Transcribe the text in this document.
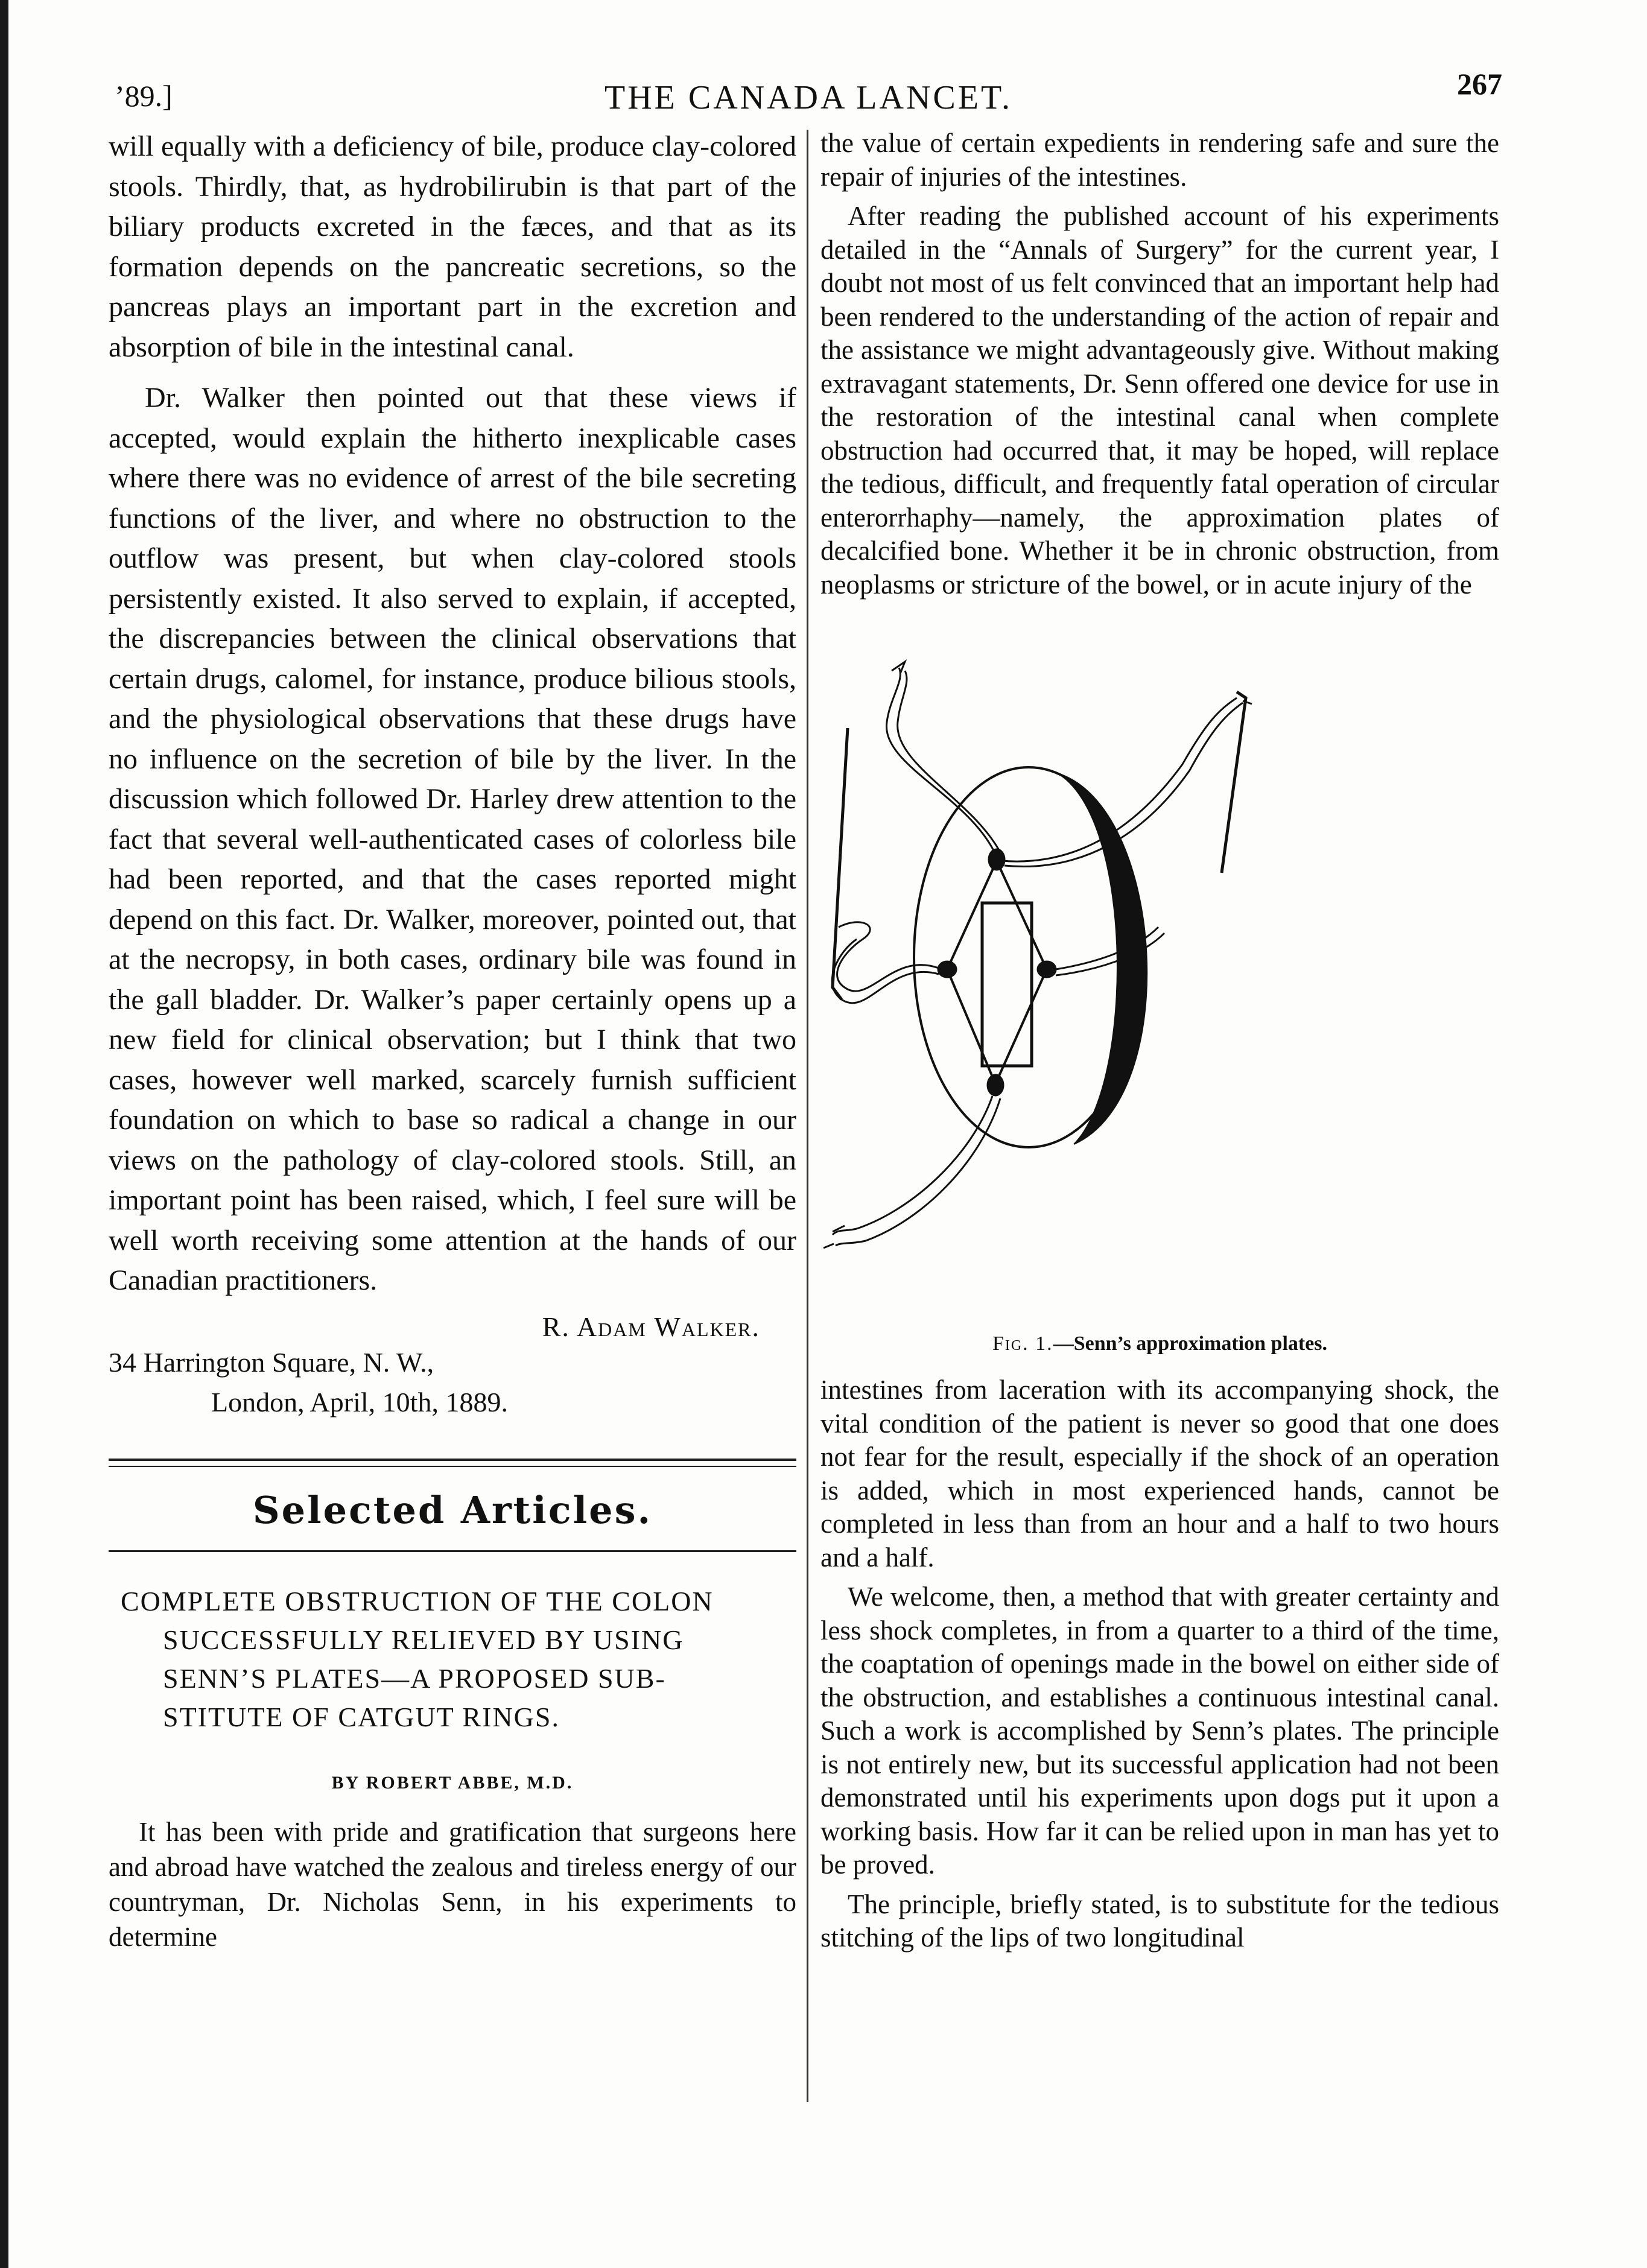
’89.]	THE CANADA LANCET.	267

will equally with a deficiency of bile, produce clay-colored stools. Thirdly, that, as hydrobilirubin is that part of the biliary products excreted in the fæces, and that as its formation depends on the pancreatic secretions, so the pancreas plays an important part in the excretion and absorption of bile in the intestinal canal.

Dr. Walker then pointed out that these views if accepted, would explain the hitherto inexplicable cases where there was no evidence of arrest of the bile secreting functions of the liver, and where no obstruction to the outflow was present, but when clay-colored stools persistently existed. It also served to explain, if accepted, the discrepancies between the clinical observations that certain drugs, calomel, for instance, produce bilious stools, and the physiological observations that these drugs have no influence on the secretion of bile by the liver. In the discussion which followed Dr. Harley drew attention to the fact that several well-authenticated cases of colorless bile had been reported, and that the cases reported might depend on this fact. Dr. Walker, moreover, pointed out, that at the necropsy, in both cases, ordinary bile was found in the gall bladder. Dr. Walker’s paper certainly opens up a new field for clinical observation; but I think that two cases, however well marked, scarcely furnish sufficient foundation on which to base so radical a change in our views on the pathology of clay-colored stools. Still, an important point has been raised, which, I feel sure will be well worth receiving some attention at the hands of our Canadian practitioners.

R. Adam Walker.

34 Harrington Square, N. W.,

London, April, 10th, 1889.

Selected Articles.

COMPLETE OBSTRUCTION OF THE COLON
SUCCESSFULLY RELIEVED BY USING
SENN’S PLATES—A PROPOSED SUB-
STITUTE OF CATGUT RINGS.

BY ROBERT ABBE, M.D.

It has been with pride and gratification that surgeons here and abroad have watched the zealous and tireless energy of our countryman, Dr. Nicholas Senn, in his experiments to determine

the value of certain expedients in rendering safe and sure the repair of injuries of the intestines.

After reading the published account of his experiments detailed in the “Annals of Surgery” for the current year, I doubt not most of us felt convinced that an important help had been rendered to the understanding of the action of repair and the assistance we might advantageously give. Without making extravagant statements, Dr. Senn offered one device for use in the restoration of the intestinal canal when complete obstruction had occurred that, it may be hoped, will replace the tedious, difficult, and frequently fatal operation of circular enterorrhaphy—namely, the approximation plates of decalcified bone. Whether it be in chronic obstruction, from neoplasms or stricture of the bowel, or in acute injury of the

Fig. 1.—Senn’s approximation plates.

intestines from laceration with its accompanying shock, the vital condition of the patient is never so good that one does not fear for the result, especially if the shock of an operation is added, which in most experienced hands, cannot be completed in less than from an hour and a half to two hours and a half.

We welcome, then, a method that with greater certainty and less shock completes, in from a quarter to a third of the time, the coaptation of openings made in the bowel on either side of the obstruction, and establishes a continuous intestinal canal. Such a work is accomplished by Senn’s plates. The principle is not entirely new, but its successful application had not been demonstrated until his experiments upon dogs put it upon a working basis. How far it can be relied upon in man has yet to be proved.

The principle, briefly stated, is to substitute for the tedious stitching of the lips of two longitudinal
